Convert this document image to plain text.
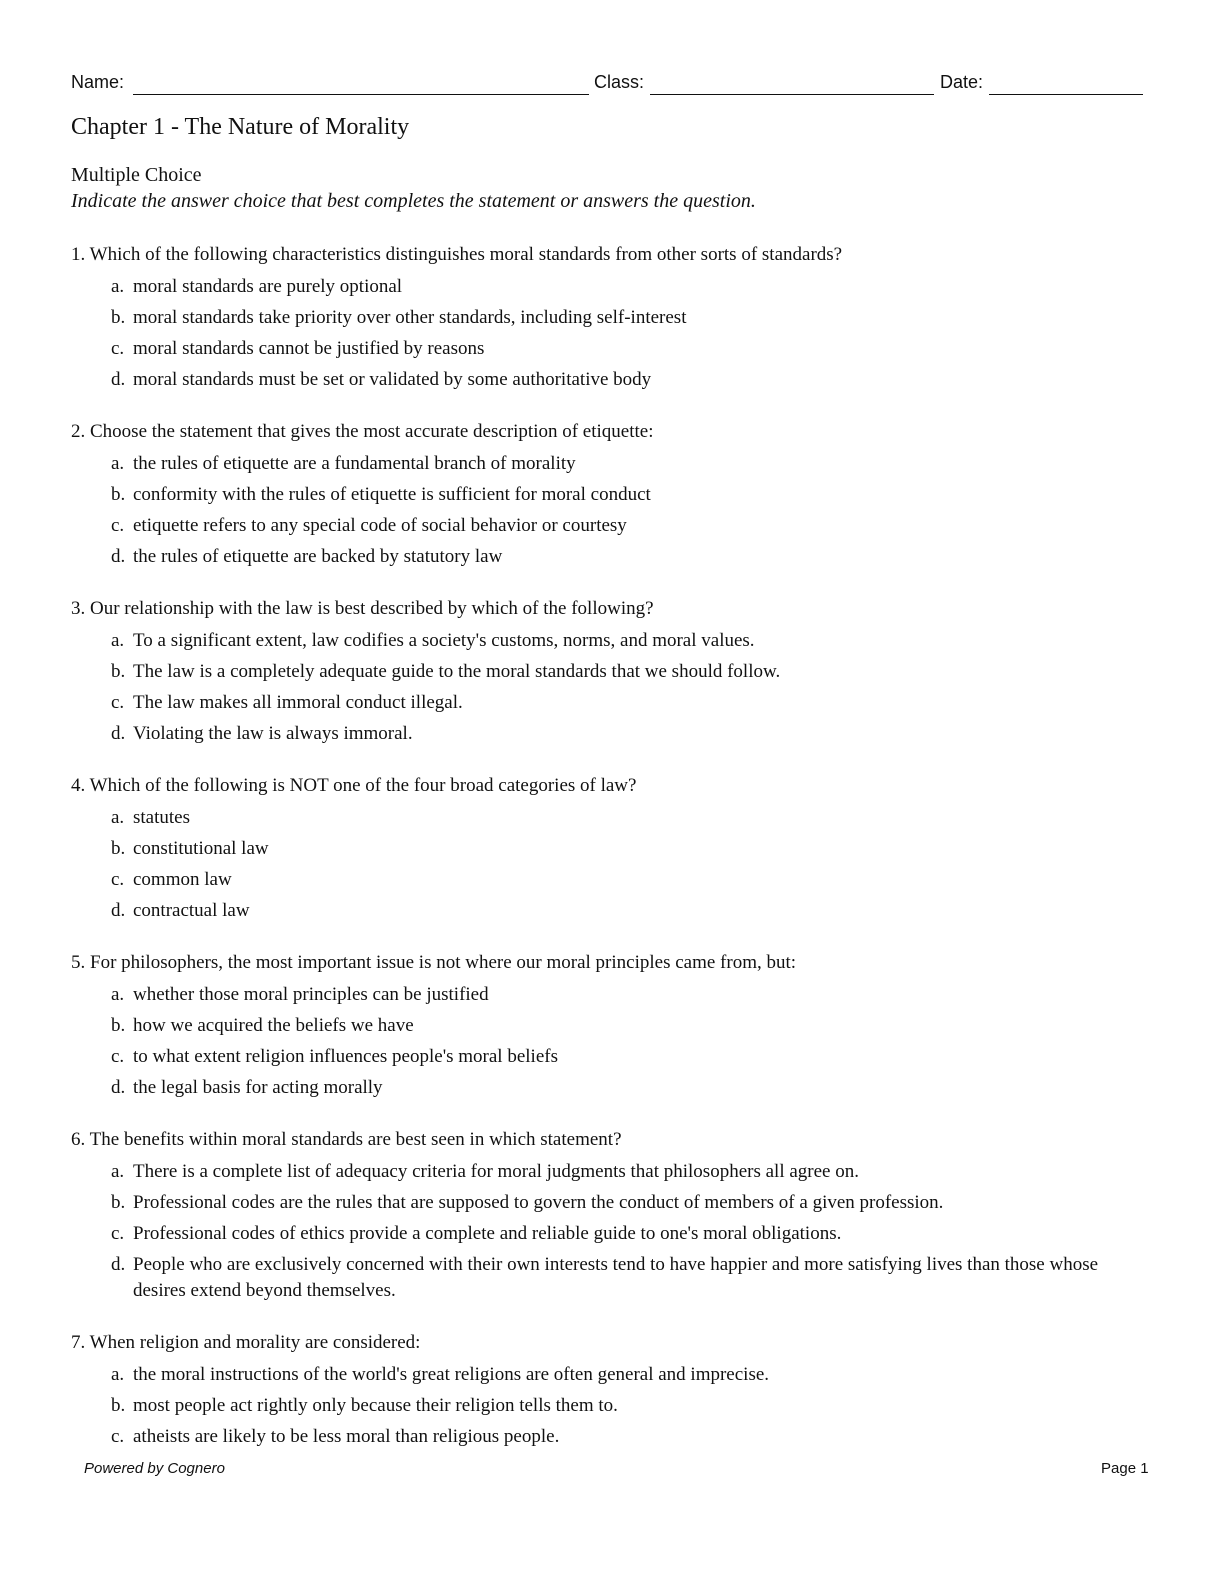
Name:	Class:	Date:
Chapter 1 - The Nature of Morality
Multiple Choice
Indicate the answer choice that best completes the statement or answers the question.
1. Which of the following characteristics distinguishes moral standards from other sorts of standards?
a. moral standards are purely optional
b. moral standards take priority over other standards, including self-interest
c. moral standards cannot be justified by reasons
d. moral standards must be set or validated by some authoritative body
2. Choose the statement that gives the most accurate description of etiquette:
a. the rules of etiquette are a fundamental branch of morality
b. conformity with the rules of etiquette is sufficient for moral conduct
c. etiquette refers to any special code of social behavior or courtesy
d. the rules of etiquette are backed by statutory law
3. Our relationship with the law is best described by which of the following?
a. To a significant extent, law codifies a society's customs, norms, and moral values.
b. The law is a completely adequate guide to the moral standards that we should follow.
c. The law makes all immoral conduct illegal.
d. Violating the law is always immoral.
4. Which of the following is NOT one of the four broad categories of law?
a. statutes
b. constitutional law
c. common law
d. contractual law
5. For philosophers, the most important issue is not where our moral principles came from, but:
a. whether those moral principles can be justified
b. how we acquired the beliefs we have
c. to what extent religion influences people's moral beliefs
d. the legal basis for acting morally
6. The benefits within moral standards are best seen in which statement?
a. There is a complete list of adequacy criteria for moral judgments that philosophers all agree on.
b. Professional codes are the rules that are supposed to govern the conduct of members of a given profession.
c. Professional codes of ethics provide a complete and reliable guide to one's moral obligations.
d. People who are exclusively concerned with their own interests tend to have happier and more satisfying lives than those whose desires extend beyond themselves.
7. When religion and morality are considered:
a. the moral instructions of the world's great religions are often general and imprecise.
b. most people act rightly only because their religion tells them to.
c. atheists are likely to be less moral than religious people.
Powered by Cognero	Page 1
